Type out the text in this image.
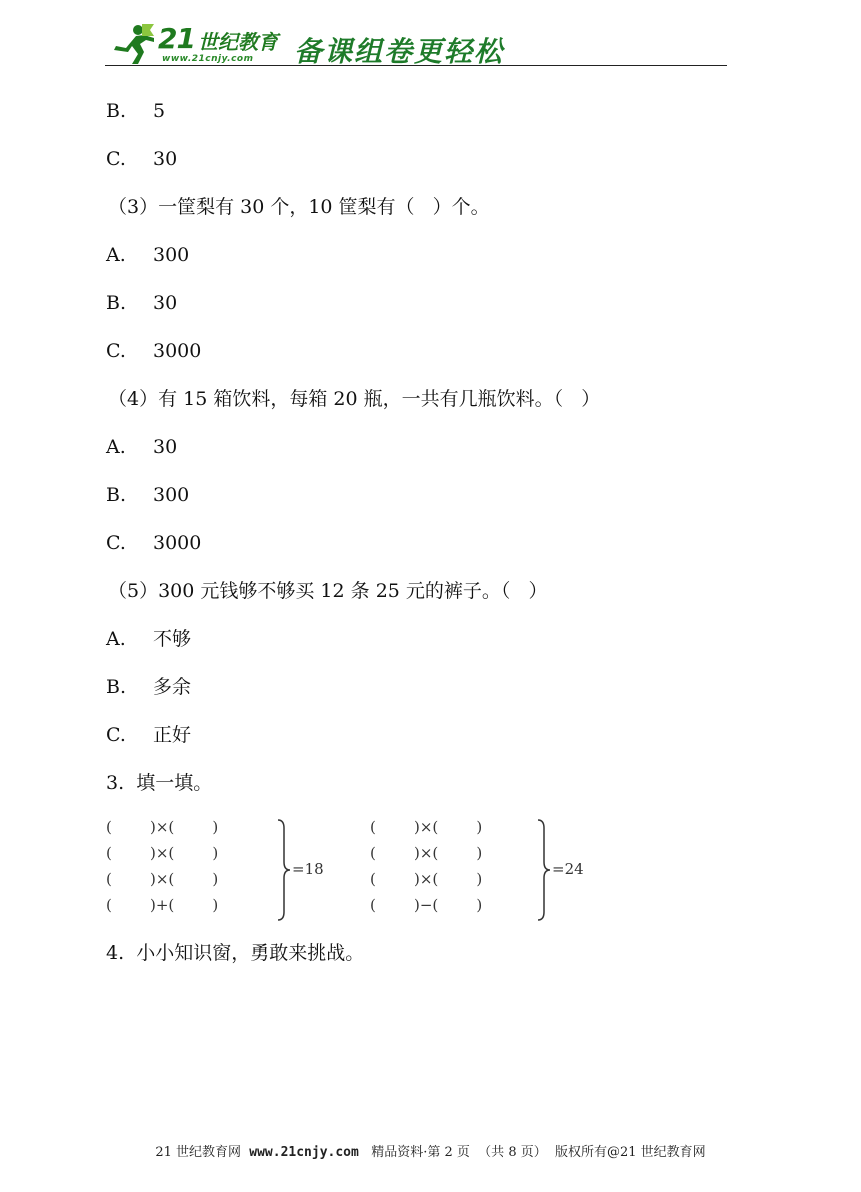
21 世纪教育
www.21cnjy.com 备课组卷更轻松
B. 5
C. 30
（3）一筐梨有 30 个，10 筐梨有（   ）个。
A. 300
B. 30
C. 3000
（4）有 15 箱饮料，每箱 20 瓶，一共有几瓶饮料。（   ）
A. 30
B. 300
C. 3000
（5）300 元钱够不够买 12 条 25 元的裤子。（   ）
A. 不够
B. 多余
C. 正好
3.  填一填。
(        )×(        )
(        )×(        )
(        )×(        )
(        )+(        )
=18
(        )×(        )
(        )×(        )
(        )×(        )
(        )−(        )
=24
4.  小小知识窗，勇敢来挑战。
21 世纪教育网 www.21cnjy.com 精品资料·第 2 页  （共 8 页）  版权所有@21 世纪教育网
